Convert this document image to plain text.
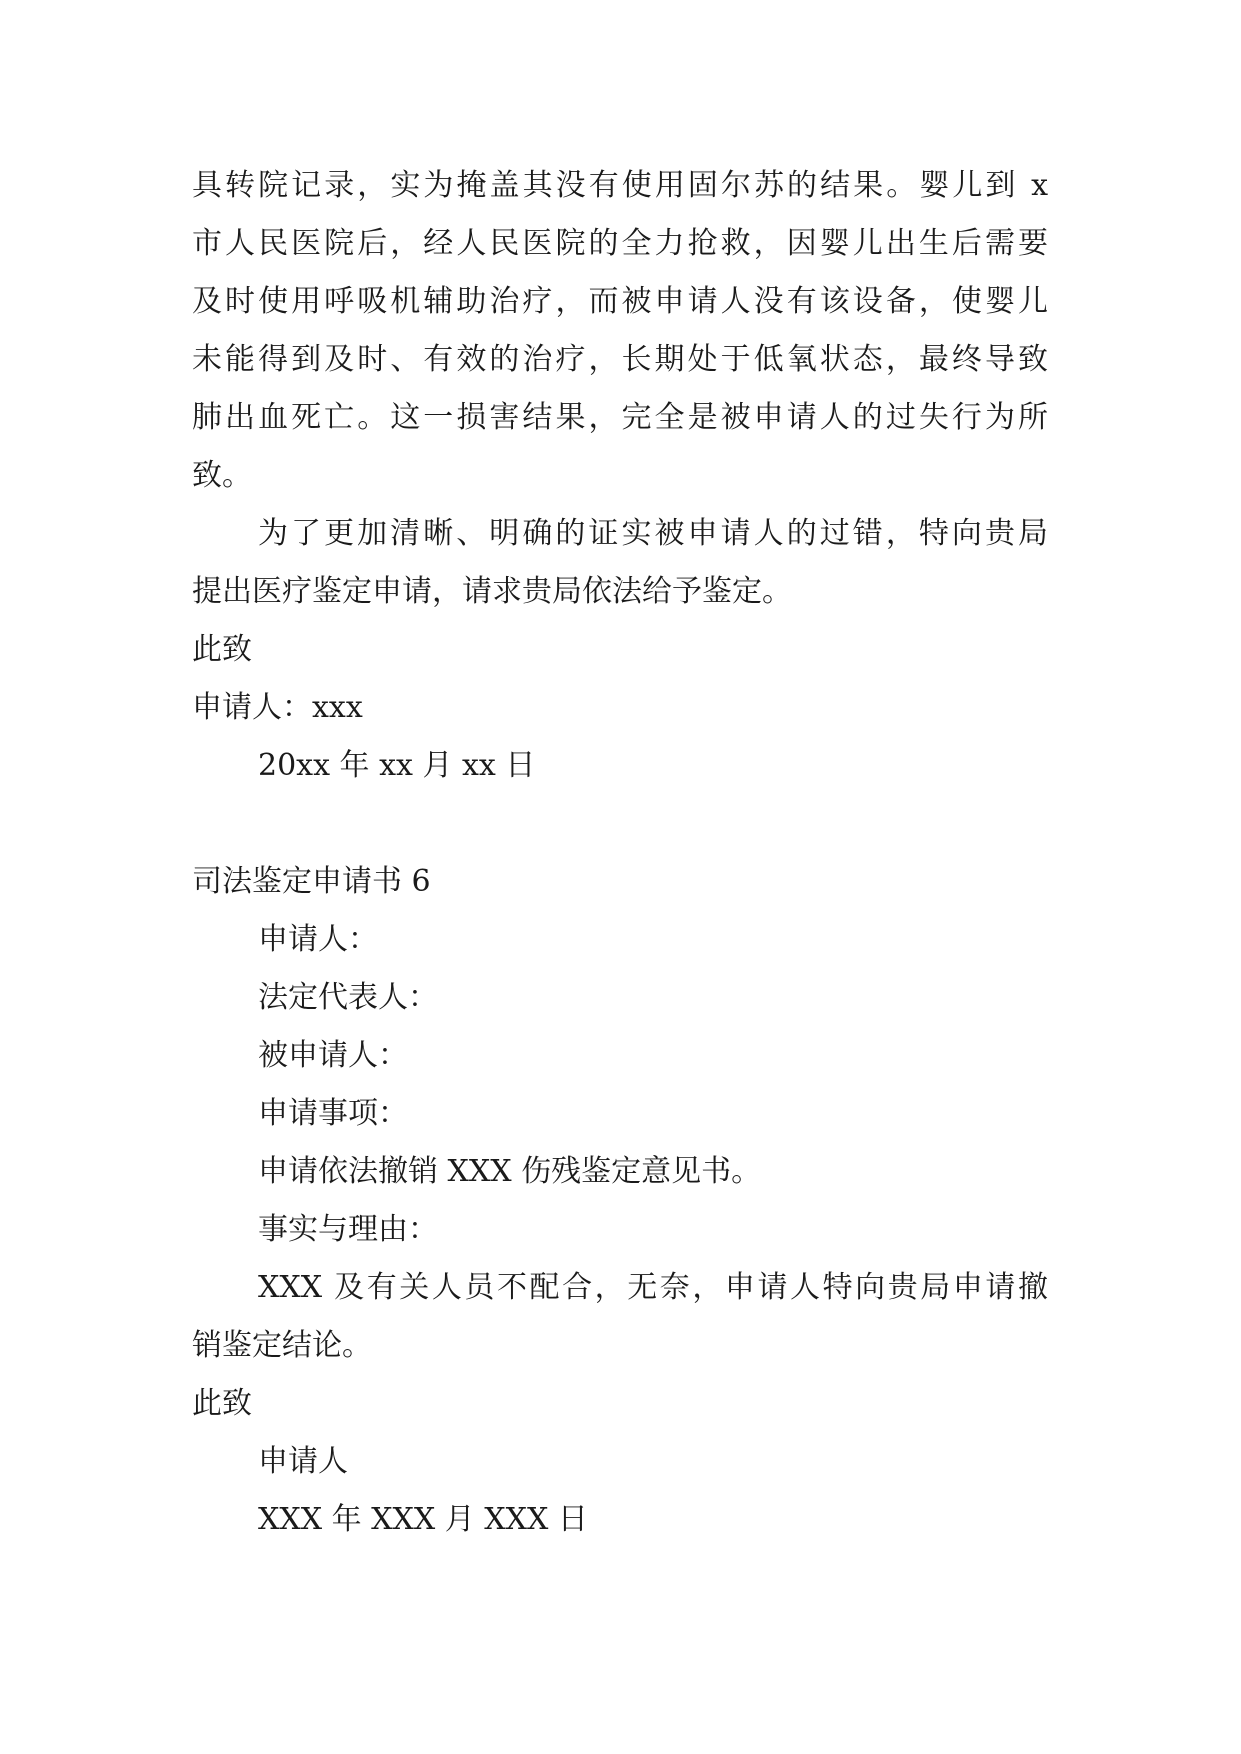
具转院记录，实为掩盖其没有使用固尔苏的结果。婴儿到 x
市人民医院后，经人民医院的全力抢救，因婴儿出生后需要
及时使用呼吸机辅助治疗，而被申请人没有该设备，使婴儿
未能得到及时、有效的治疗，长期处于低氧状态，最终导致
肺出血死亡。这一损害结果，完全是被申请人的过失行为所
致。
为了更加清晰、明确的证实被申请人的过错，特向贵局
提出医疗鉴定申请，请求贵局依法给予鉴定。
此致
申请人：xxx
20xx 年 xx 月 xx 日
司法鉴定申请书 6
申请人：
法定代表人：
被申请人：
申请事项：
申请依法撤销 XXX 伤残鉴定意见书。
事实与理由：
XXX 及有关人员不配合，无奈，申请人特向贵局申请撤
销鉴定结论。
此致
申请人
XXX 年 XXX 月 XXX 日
